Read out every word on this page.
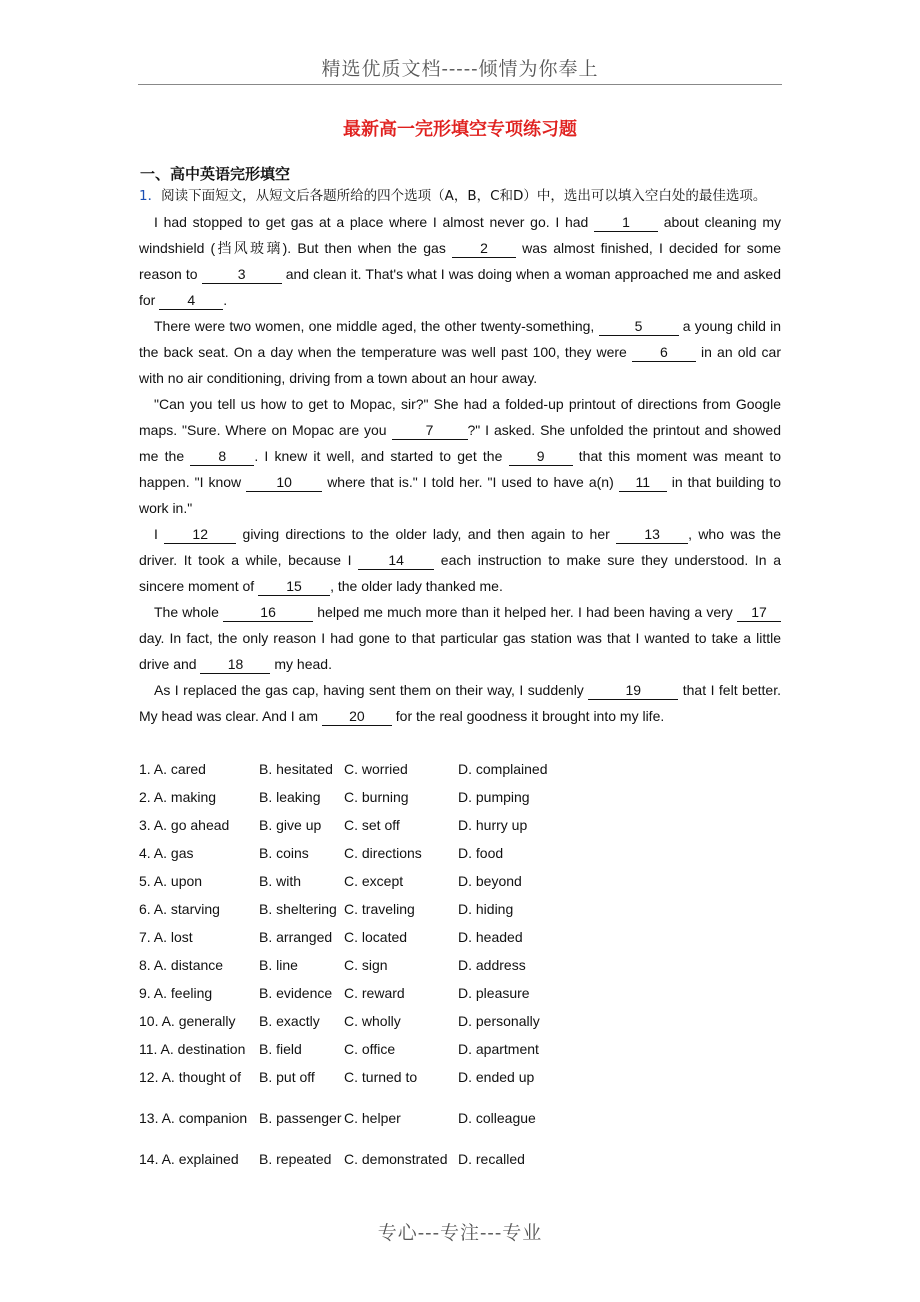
精选优质文档-----倾情为你奉上
最新高一完形填空专项练习题
一、高中英语完形填空

1．阅读下面短文，从短文后各题所给的四个选项（A，B，C和D）中，选出可以填入空白处的最佳选项。

I had stopped to get gas at a place where I almost never go. I had 1 about cleaning my windshield (挡风玻璃). But then when the gas 2 was almost finished, I decided for some reason to	3	and clean it. That's what I was doing when a woman approached me and asked for 4 .

There were two women, one middle aged, the other twenty-something,	5	a young child in the back seat. On a day when the temperature was well past 100, they were 6 in an old car with no air conditioning, driving from a town about an hour away.

"Can you tell us how to get to Mopac, sir?" She had a folded-up printout of directions from Google maps. "Sure. Where on Mopac are you 7 ?" I asked. She unfolded the printout and showed me the 8 . I knew it well, and started to get the 9 that this moment was meant to happen. "I know 10 where that is." I told her. "I used to have a(n) 11 in that building to work in."

I 12 giving directions to the older lady, and then again to her 13 , who was the driver. It took a while, because I 14 each instruction to make sure they understood. In a sincere moment of 15 , the older lady thanked me.

The whole	16	helped me much more than it helped her. I had been having a very 17 day. In fact, the only reason I had gone to that particular gas station was that I wanted to take a little drive and 18 my head.

As I replaced the gas cap, having sent them on their way, I suddenly	19	that I felt better. My head was clear. And I am 20 for the real goodness it brought into my life.

1. A. cared	B. hesitated	C. worried	D. complained
2. A. making	B. leaking	C. burning	D. pumping
3. A. go ahead	B. give up	C. set off	D. hurry up
4. A. gas	B. coins	C. directions	D. food
5. A. upon	B. with	C. except	D. beyond
6. A. starving	B. sheltering	C. traveling	D. hiding
7. A. lost	B. arranged	C. located	D. headed
8. A. distance	B. line	C. sign	D. address
9. A. feeling	B. evidence	C. reward	D. pleasure
10. A. generally	B. exactly	C. wholly	D. personally
11. A. destination	B. field	C. office	D. apartment
12. A. thought of	B. put off	C. turned to	D. ended up
13. A. companion	B. passenger	C. helper	D. colleague
14. A. explained	B. repeated	C. demonstrated	D. recalled
专心---专注---专业
